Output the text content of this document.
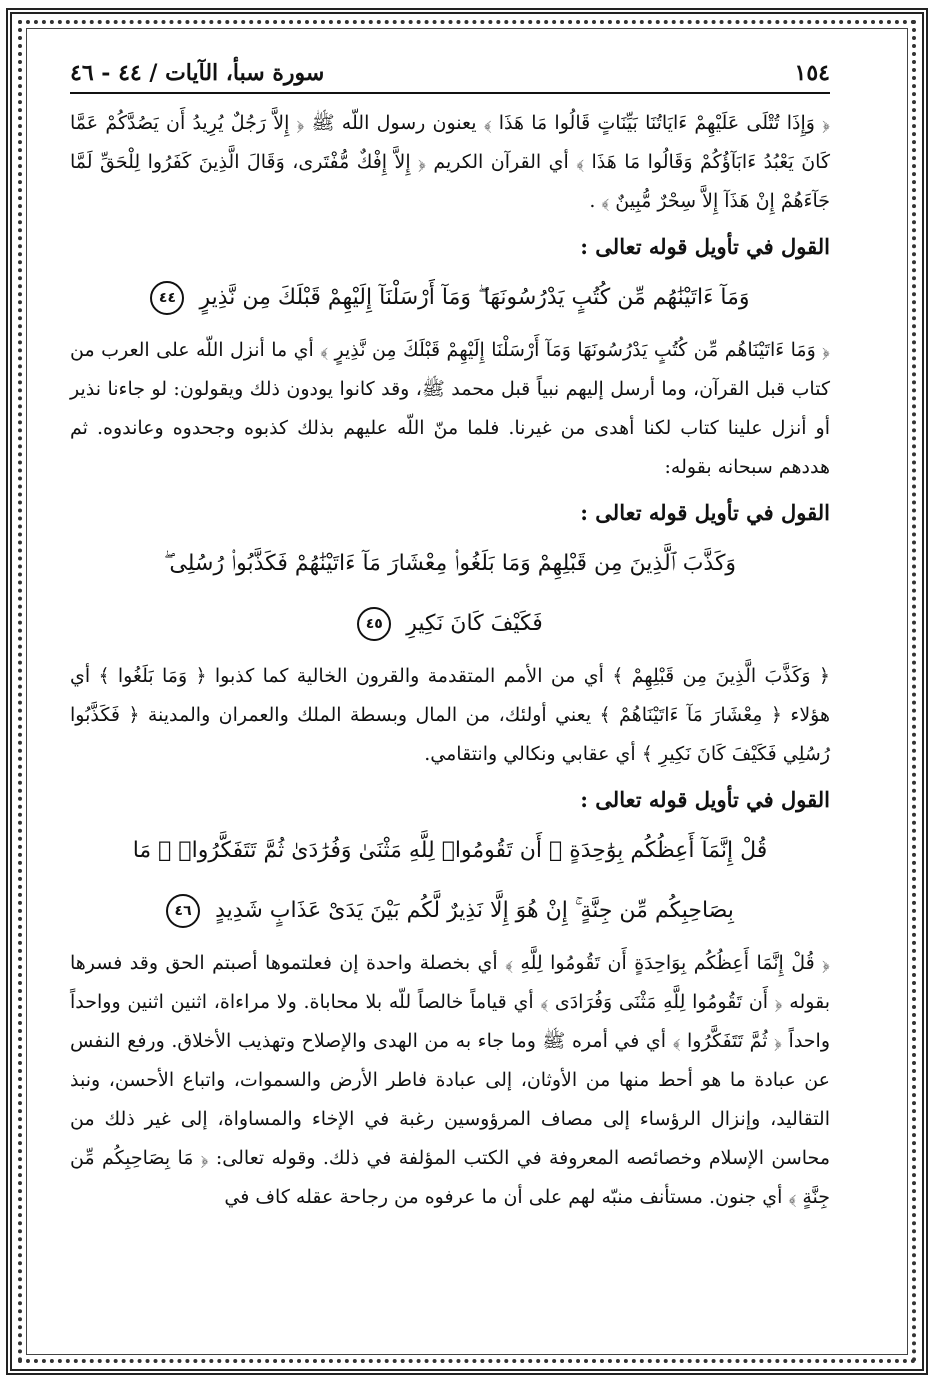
١٥٤
سورة سبأ، الآيات / ٤٤ - ٤٦

﴿ وَإِذَا تُتْلَى عَلَيْهِمْ ءَايَاتُنَا بَيِّنَاتٍ قَالُوا مَا هَذَا ﴾ يعنون رسول اللّه ﷺ ﴿ إِلاَّ رَجُلٌ يُرِيدُ أَن يَصُدَّكُمْ عَمَّا كَانَ يَعْبُدُ ءَابَآؤُكُمْ وَقَالُوا مَا هَذَا ﴾ أي القرآن الكريم ﴿ إِلاَّ إِفْكٌ مُّفْتَرى، وَقَالَ الَّذِينَ كَفَرُوا لِلْحَقِّ لَمَّا جَآءَهُمْ إِنْ هَذَآ إِلاَّ سِحْرٌ مُّبِينٌ ﴾ .

القول في تأويل قوله تعالى :
وَمَآ ءَاتَيْنَٰهُم مِّن كُتُبٍ يَدْرُسُونَهَا ۖ وَمَآ أَرْسَلْنَآ إِلَيْهِمْ قَبْلَكَ مِن نَّذِيرٍ ٤٤

﴿ وَمَا ءَاتَيْنَاهُم مِّن كُتُبٍ يَدْرُسُونَهَا وَمَآ أَرْسَلْنَا إِلَيْهِمْ قَبْلَكَ مِن نَّذِيرٍ ﴾ أي ما أنزل اللّه على العرب من كتاب قبل القرآن، وما أرسل إليهم نبياً قبل محمد ﷺ، وقد كانوا يودون ذلك ويقولون: لو جاءنا نذير أو أنزل علينا كتاب لكنا أهدى من غيرنا. فلما منّ اللّه عليهم بذلك كذبوه وجحدوه وعاندوه. ثم هددهم سبحانه بقوله:

القول في تأويل قوله تعالى :
وَكَذَّبَ ٱلَّذِينَ مِن قَبْلِهِمْ وَمَا بَلَغُوا۟ مِعْشَارَ مَآ ءَاتَيْنَٰهُمْ فَكَذَّبُوا۟ رُسُلِى ۖ
فَكَيْفَ كَانَ نَكِيرِ ٤٥

﴿ وَكَذَّبَ الَّذِينَ مِن قَبْلِهِمْ ﴾ أي من الأمم المتقدمة والقرون الخالية كما كذبوا ﴿ وَمَا بَلَغُوا ﴾ أي هؤلاء ﴿ مِعْشَارَ مَآ ءَاتَيْنَاهُمْ ﴾ يعني أولئك، من المال وبسطة الملك والعمران والمدينة ﴿ فَكَذَّبُوا رُسُلِي فَكَيْفَ كَانَ نَكِيرِ ﴾ أي عقابي ونكالي وانتقامي.

القول في تأويل قوله تعالى :
قُلْ إِنَّمَآ أَعِظُكُم بِوَٰحِدَةٍ ۖ أَن تَقُومُوا۟ لِلَّهِ مَثْنَىٰ وَفُرَٰدَىٰ ثُمَّ تَتَفَكَّرُوا۟ ۚ مَا
بِصَاحِبِكُم مِّن جِنَّةٍ ۚ إِنْ هُوَ إِلَّا نَذِيرٌ لَّكُم بَيْنَ يَدَىْ عَذَابٍ شَدِيدٍ ٤٦

﴿ قُلْ إِنَّمَا أَعِظُكُم بِوَاحِدَةٍ أَن تَقُومُوا لِلَّهِ ﴾ أي بخصلة واحدة إن فعلتموها أصبتم الحق وقد فسرها بقوله ﴿ أَن تَقُومُوا لِلَّهِ مَثْنَى وَفُرَادَى ﴾ أي قياماً خالصاً للّه بلا محاباة. ولا مراءاة، اثنين اثنين وواحداً واحداً ﴿ ثُمَّ تَتَفَكَّرُوا ﴾ أي في أمره ﷺ وما جاء به من الهدى والإصلاح وتهذيب الأخلاق. ورفع النفس عن عبادة ما هو أحط منها من الأوثان، إلى عبادة فاطر الأرض والسموات، واتباع الأحسن، ونبذ التقاليد، وإنزال الرؤساء إلى مصاف المرؤوسين رغبة في الإخاء والمساواة، إلى غير ذلك من محاسن الإسلام وخصائصه المعروفة في الكتب المؤلفة في ذلك. وقوله تعالى: ﴿ مَا بِصَاحِبِكُم مِّن جِنَّةٍ ﴾ أي جنون. مستأنف منبّه لهم على أن ما عرفوه من رجاحة عقله كاف في
